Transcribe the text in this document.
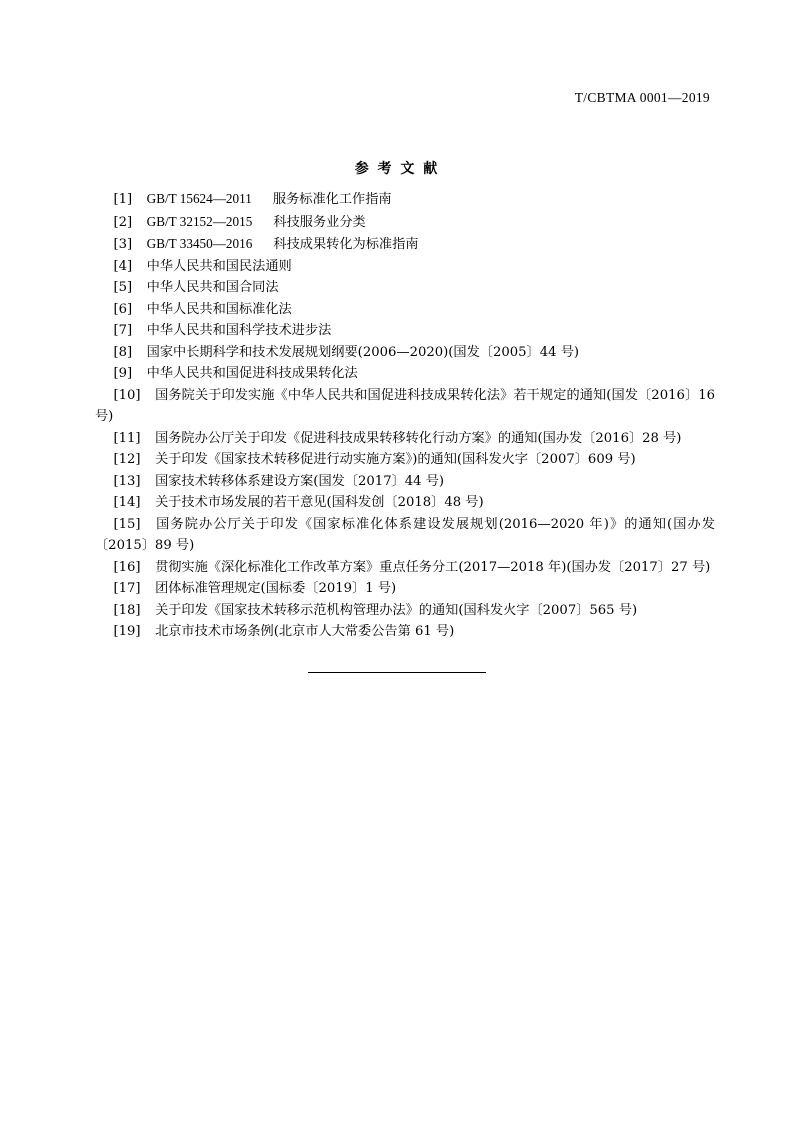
T/CBTMA 0001—2019
参 考 文 献

[1] GB/T 15624—2011 服务标准化工作指南

[2] GB/T 32152—2015 科技服务业分类

[3] GB/T 33450—2016 科技成果转化为标准指南

[4] 中华人民共和国民法通则

[5] 中华人民共和国合同法

[6] 中华人民共和国标准化法

[7] 中华人民共和国科学技术进步法

[8] 国家中长期科学和技术发展规划纲要(2006—2020)(国发〔2005〕44 号)

[9] 中华人民共和国促进科技成果转化法

[10] 国务院关于印发实施《中华人民共和国促进科技成果转化法》若干规定的通知(国发〔2016〕16 号)

[11] 国务院办公厅关于印发《促进科技成果转移转化行动方案》的通知(国办发〔2016〕28 号)

[12] 关于印发《国家技术转移促进行动实施方案》)的通知(国科发火字〔2007〕609 号)

[13] 国家技术转移体系建设方案(国发〔2017〕44 号)

[14] 关于技术市场发展的若干意见(国科发创〔2018〕48 号)

[15] 国务院办公厅关于印发《国家标准化体系建设发展规划(2016—2020 年)》的通知(国办发〔2015〕89 号)

[16] 贯彻实施《深化标准化工作改革方案》重点任务分工(2017—2018 年)(国办发〔2017〕27 号)

[17] 团体标准管理规定(国标委〔2019〕1 号)

[18] 关于印发《国家技术转移示范机构管理办法》的通知(国科发火字〔2007〕565 号)

[19] 北京市技术市场条例(北京市人大常委公告第 61 号)
